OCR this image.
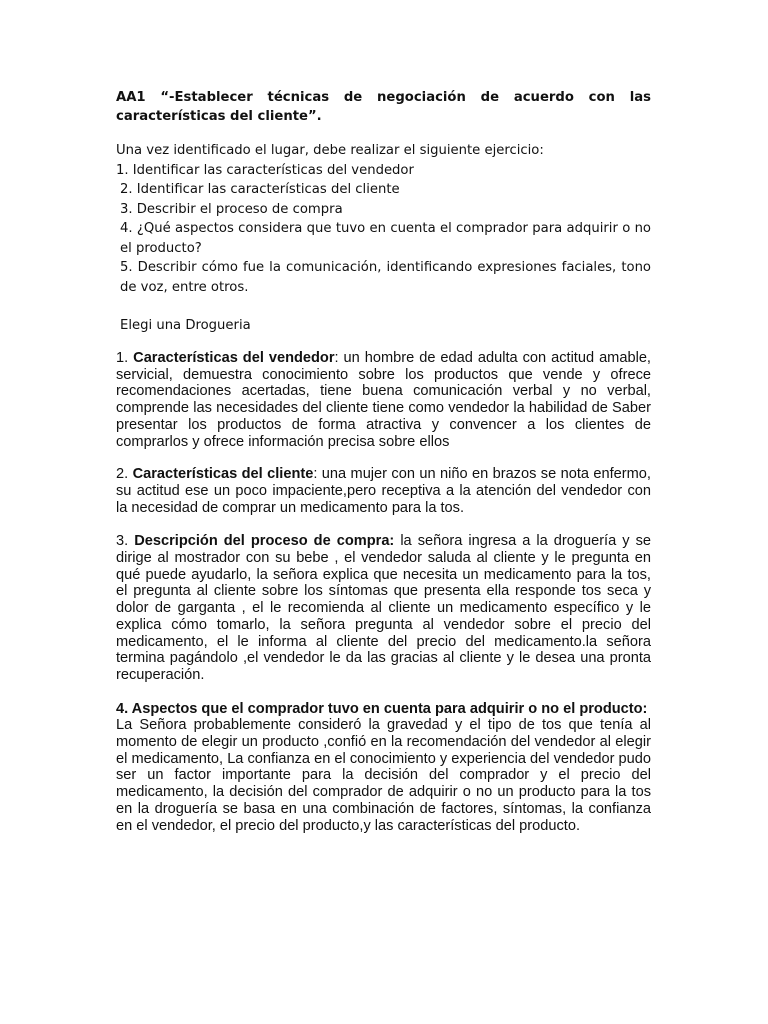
AA1 “-Establecer técnicas de negociación de acuerdo con las características del cliente”.

Una vez identificado el lugar, debe realizar el siguiente ejercicio:

1. Identificar las características del vendedor

2. Identificar las características del cliente

3. Describir el proceso de compra

4. ¿Qué aspectos considera que tuvo en cuenta el comprador para adquirir o no el producto?

5. Describir cómo fue la comunicación, identificando expresiones faciales, tono de voz, entre otros.

Elegi una Drogueria

1. Características del vendedor: un hombre de edad adulta con actitud amable, servicial, demuestra conocimiento sobre los productos que vende y ofrece recomendaciones acertadas, tiene buena comunicación verbal y no verbal, comprende las necesidades del cliente tiene como vendedor la habilidad de Saber presentar los productos de forma atractiva y convencer a los clientes de comprarlos y ofrece información precisa sobre ellos

2. Características del cliente: una mujer con un niño en brazos se nota enfermo, su actitud ese un poco impaciente,pero receptiva a la atención del vendedor con la necesidad de comprar un medicamento para la tos.

3. Descripción del proceso de compra: la señora ingresa a la droguería y se dirige al mostrador con su bebe , el vendedor saluda al cliente y le pregunta en qué puede ayudarlo, la señora explica que necesita un medicamento para la tos, el pregunta al cliente sobre los síntomas que presenta ella responde tos seca y dolor de garganta , el le recomienda al cliente un medicamento específico y le explica cómo tomarlo, la señora pregunta al vendedor sobre el precio del medicamento, el le informa al cliente del precio del medicamento.la señora termina pagándolo ,el vendedor le da las gracias al cliente y le desea una pronta recuperación.

4. Aspectos que el comprador tuvo en cuenta para adquirir o no el producto:
La Señora probablemente consideró la gravedad y el tipo de tos que tenía al momento de elegir un producto ,confió en la recomendación del vendedor al elegir el medicamento, La confianza en el conocimiento y experiencia del vendedor pudo ser un factor importante para la decisión del comprador y el precio del medicamento, la decisión del comprador de adquirir o no un producto para la tos en la droguería se basa en una combinación de factores, síntomas, la confianza en el vendedor, el precio del producto,y las características del producto.
